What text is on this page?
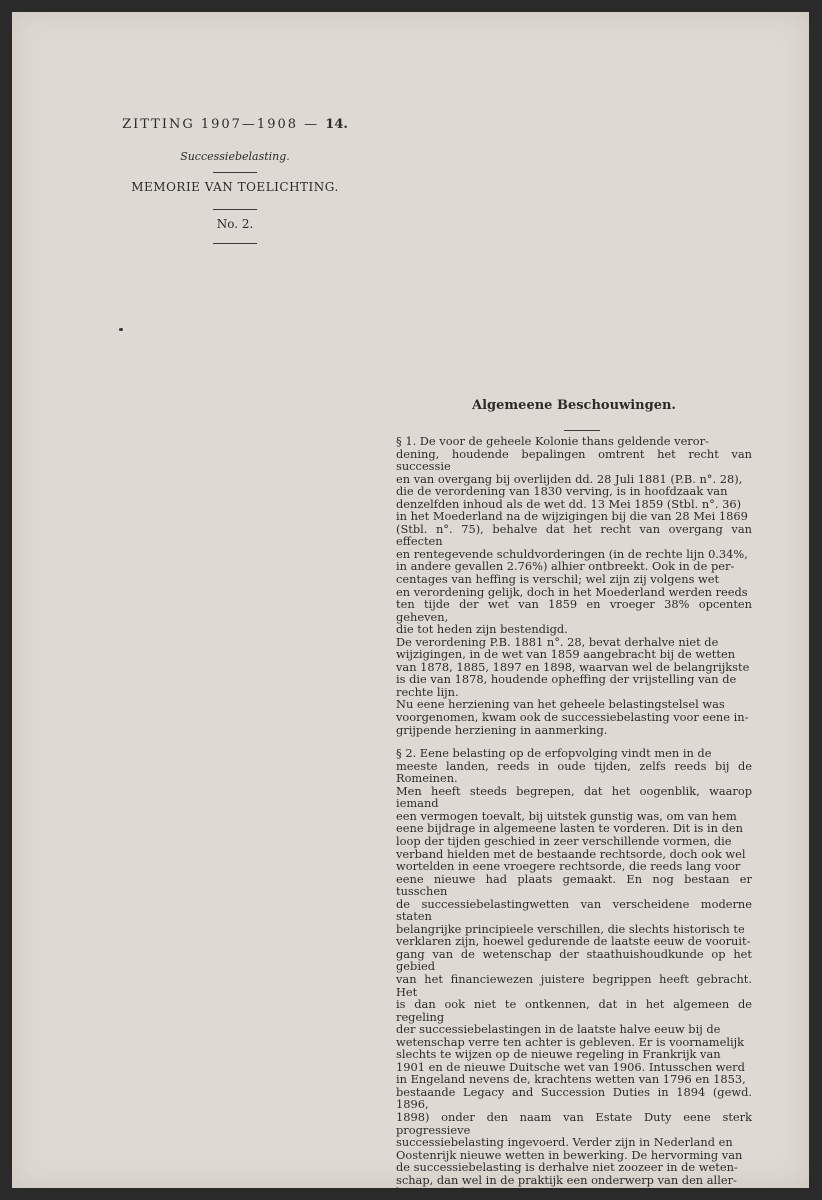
ZITTING 1907—1908 — 14.

Successiebelasting.

MEMORIE VAN TOELICHTING.

No. 2.

Algemeene Beschouwingen.
§ 1. De voor de geheele Kolonie thans geldende veror-
dening, houdende bepalingen omtrent het recht van successie
en van overgang bij overlijden dd. 28 Juli 1881 (P.B. n°. 28),
die de verordening van 1830 verving, is in hoofdzaak van
denzelfden inhoud als de wet dd. 13 Mei 1859 (Stbl. n°. 36)
in het Moederland na de wijzigingen bij die van 28 Mei 1869
(Stbl. n°. 75), behalve dat het recht van overgang van effecten
en rentegevende schuldvorderingen (in de rechte lijn 0.34%,
in andere gevallen 2.76%) alhier ontbreekt. Ook in de per-
centages van heffing is verschil; wel zijn zij volgens wet
en verordening gelijk, doch in het Moederland werden reeds
ten tijde der wet van 1859 en vroeger 38% opcenten geheven,
die tot heden zijn bestendigd.
De verordening P.B. 1881 n°. 28, bevat derhalve niet de
wijzigingen, in de wet van 1859 aangebracht bij de wetten
van 1878, 1885, 1897 en 1898, waarvan wel de belangrijkste
is die van 1878, houdende opheffing der vrijstelling van de
rechte lijn.
Nu eene herziening van het geheele belastingstelsel was
voorgenomen, kwam ook de successiebelasting voor eene in-
grijpende herziening in aanmerking.
§ 2. Eene belasting op de erfopvolging vindt men in de
meeste landen, reeds in oude tijden, zelfs reeds bij de Romeinen.
Men heeft steeds begrepen, dat het oogenblik, waarop iemand
een vermogen toevalt, bij uitstek gunstig was, om van hem
eene bijdrage in algemeene lasten te vorderen. Dit is in den
loop der tijden geschied in zeer verschillende vormen, die
verband hielden met de bestaande rechtsorde, doch ook wel
wortelden in eene vroegere rechtsorde, die reeds lang voor
eene nieuwe had plaats gemaakt. En nog bestaan er tusschen
de successiebelastingwetten van verscheidene moderne staten
belangrijke principieele verschillen, die slechts historisch te
verklaren zijn, hoewel gedurende de laatste eeuw de vooruit-
gang van de wetenschap der staathuishoudkunde op het gebied
van het financiewezen juistere begrippen heeft gebracht. Het
is dan ook niet te ontkennen, dat in het algemeen de regeling
der successiebelastingen in de laatste halve eeuw bij de
wetenschap verre ten achter is gebleven. Er is voornamelijk
slechts te wijzen op de nieuwe regeling in Frankrijk van
1901 en de nieuwe Duitsche wet van 1906. Intusschen werd
in Engeland nevens de, krachtens wetten van 1796 en 1853,
bestaande Legacy and Succession Duties in 1894 (gewd. 1896,
1898) onder den naam van Estate Duty eene sterk progressieve
successiebelasting ingevoerd. Verder zijn in Nederland en
Oostenrijk nieuwe wetten in bewerking. De hervorming van
de successiebelasting is derhalve niet zoozeer in de weten-
schap, dan wel in de praktijk een onderwerp van den aller-
laatsten tijd.
